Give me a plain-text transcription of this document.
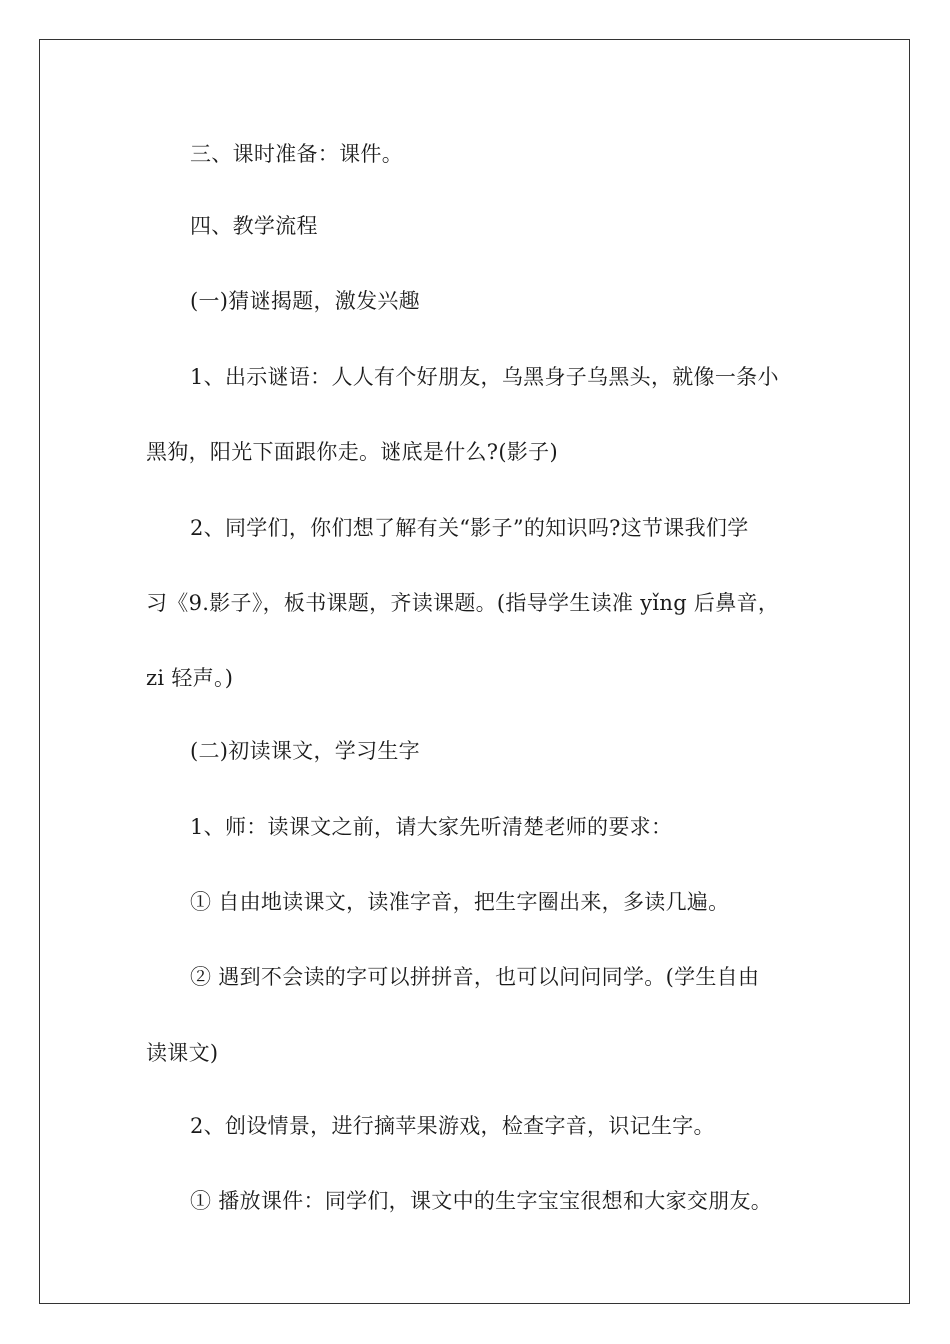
三、课时准备：课件。
四、教学流程
(一)猜谜揭题，激发兴趣
1、出示谜语：人人有个好朋友，乌黑身子乌黑头，就像一条小
黑狗，阳光下面跟你走。谜底是什么?(影子)
2、同学们，你们想了解有关“影子”的知识吗?这节课我们学
习《9.影子》，板书课题，齐读课题。(指导学生读准 yǐng 后鼻音，
zi 轻声。)
(二)初读课文，学习生字
1、师：读课文之前，请大家先听清楚老师的要求：
① 自由地读课文，读准字音，把生字圈出来，多读几遍。
② 遇到不会读的字可以拼拼音，也可以问问同学。(学生自由
读课文)
2、创设情景，进行摘苹果游戏，检查字音，识记生字。
① 播放课件：同学们，课文中的生字宝宝很想和大家交朋友。
